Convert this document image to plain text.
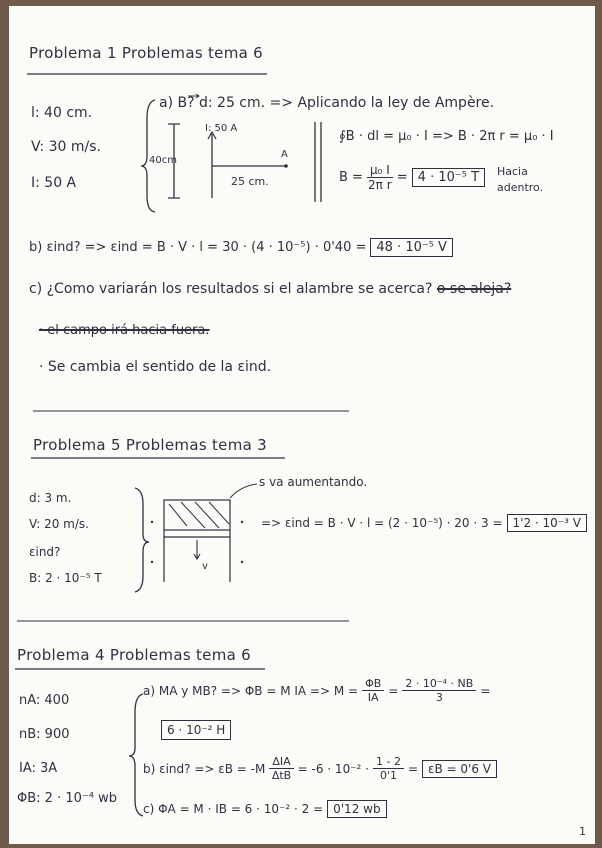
Problema 1 Problemas tema 6
l: 40 cm.
V: 30 m/s.
I: 50 A
a) B? d: 25 cm. => Aplicando la ley de Ampère.
I: 50 A
40cm
A
25 cm.
∮B · dl = μ₀ · I => B · 2π r = μ₀ · I
$B = \frac{\text{μ₀ I}}{\text{2π r}} = 4 \cdot 10^{-5}$ T	Hacia
adentro.
b) εind? => εind = B · V · l = 30 · (4 · 10⁻⁵) · 0'40 = 48 · 10⁻⁵ V
c) ¿Como variarán los resultados si el alambre se acerca? o se aleja?
· el campo irá hacia fuera.
· Se cambia el sentido de la εind.
Problema 5 Problemas tema 3
d: 3 m.
V: 20 m/s.
εind?
B: 2 · 10⁻⁵ T
s va aumentando.
v
=> εind = B · V · l = (2 · 10⁻⁵) · 20 · 3 = 1'2 · 10⁻³ V
Problema 4 Problemas tema 6
nA: 400
nB: 900
IA: 3A
ΦB: 2 · 10⁻⁴ wb
a) MA y MB? => ΦB = M IA => $M = \frac{\Phi B}{IA} = \frac{\text{2 · 10⁻⁴ · NB}}{3}$ =
6 · 10⁻² H
b) εind? => $\varepsilon B = -M \frac{\text{ΔIA}}{\text{ΔtB}} = -6 \cdot 10^{-2} \cdot \frac{1 - 2}{0'1} = \varepsilon B = 0'6$ V
c) ΦA = M · IB = 6 · 10⁻² · 2 = 0'12 wb
1
